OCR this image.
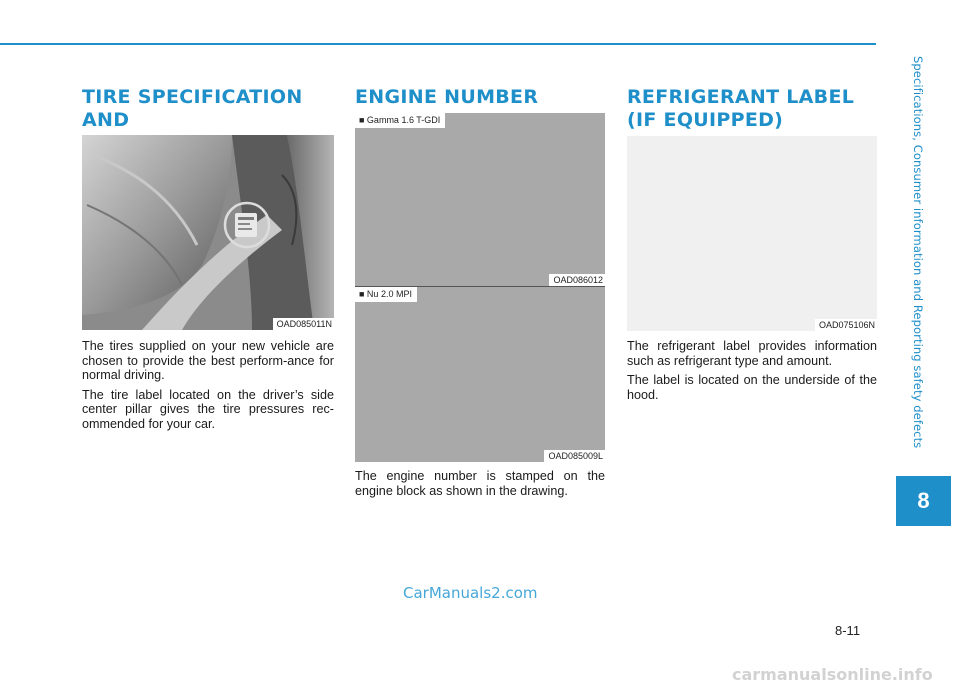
TIRE SPECIFICATION AND

OAD085011N

The tires supplied on your new vehicle are chosen to provide the best perform-ance for normal driving.

The tire label located on the driver’s side center pillar gives the tire pressures rec-ommended for your car.

ENGINE NUMBER
■ Gamma 1.6 T-GDI
OAD086012
■ Nu 2.0 MPI
OAD085009L

The engine number is stamped on the engine block as shown in the drawing.

REFRIGERANT LABEL
(IF EQUIPPED)
OAD075106N

The refrigerant label provides information such as refrigerant type and amount.

The label is located on the underside of the hood.	Specifications, Consumer information and Reporting safety defects
8
8-11
CarManuals2.com
carmanualsonline.info
